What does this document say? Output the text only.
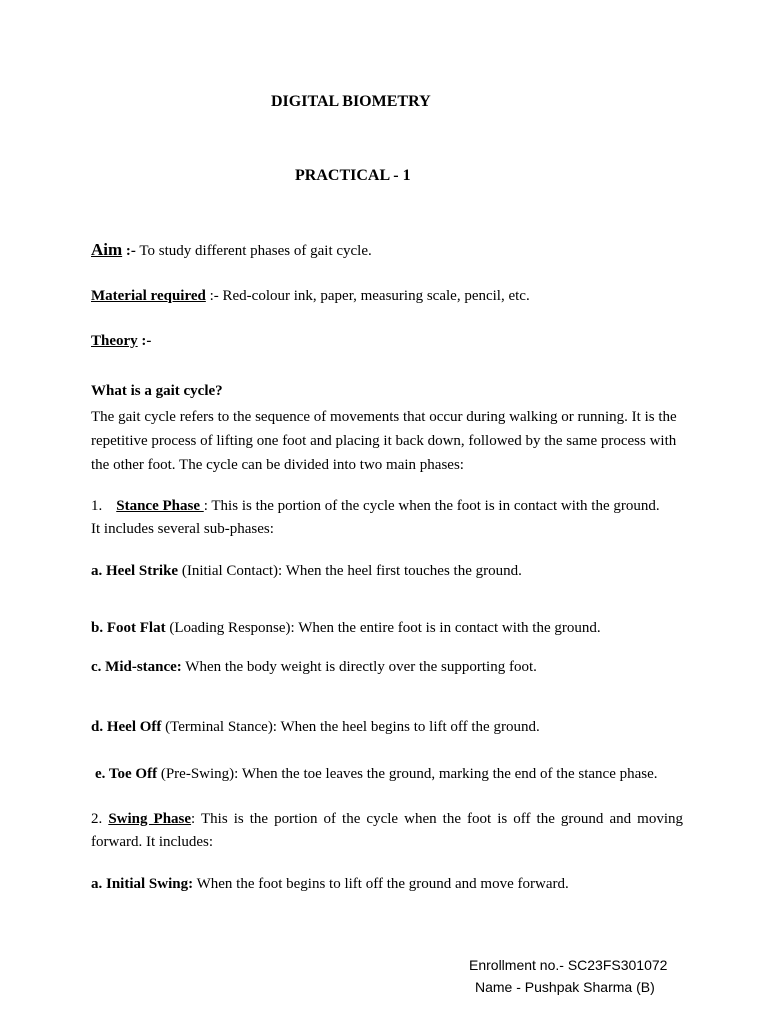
DIGITAL BIOMETRY
PRACTICAL - 1
Aim :- To study different phases of gait cycle.
Material required :- Red-colour ink, paper, measuring scale, pencil, etc.
Theory :-
What is a gait cycle?
The gait cycle refers to the sequence of movements that occur during walking or running. It is the repetitive process of lifting one foot and placing it back down, followed by the same process with the other foot. The cycle can be divided into two main phases:
1. Stance Phase : This is the portion of the cycle when the foot is in contact with the ground.
It includes several sub-phases:
a. Heel Strike (Initial Contact): When the heel first touches the ground.
b. Foot Flat (Loading Response): When the entire foot is in contact with the ground.
c. Mid-stance: When the body weight is directly over the supporting foot.
d. Heel Off (Terminal Stance): When the heel begins to lift off the ground.
e. Toe Off (Pre-Swing): When the toe leaves the ground, marking the end of the stance phase.
2. Swing Phase: This is the portion of the cycle when the foot is off the ground and moving forward. It includes:
a. Initial Swing: When the foot begins to lift off the ground and move forward.
Enrollment no.- SC23FS301072
Name - Pushpak Sharma (B)
